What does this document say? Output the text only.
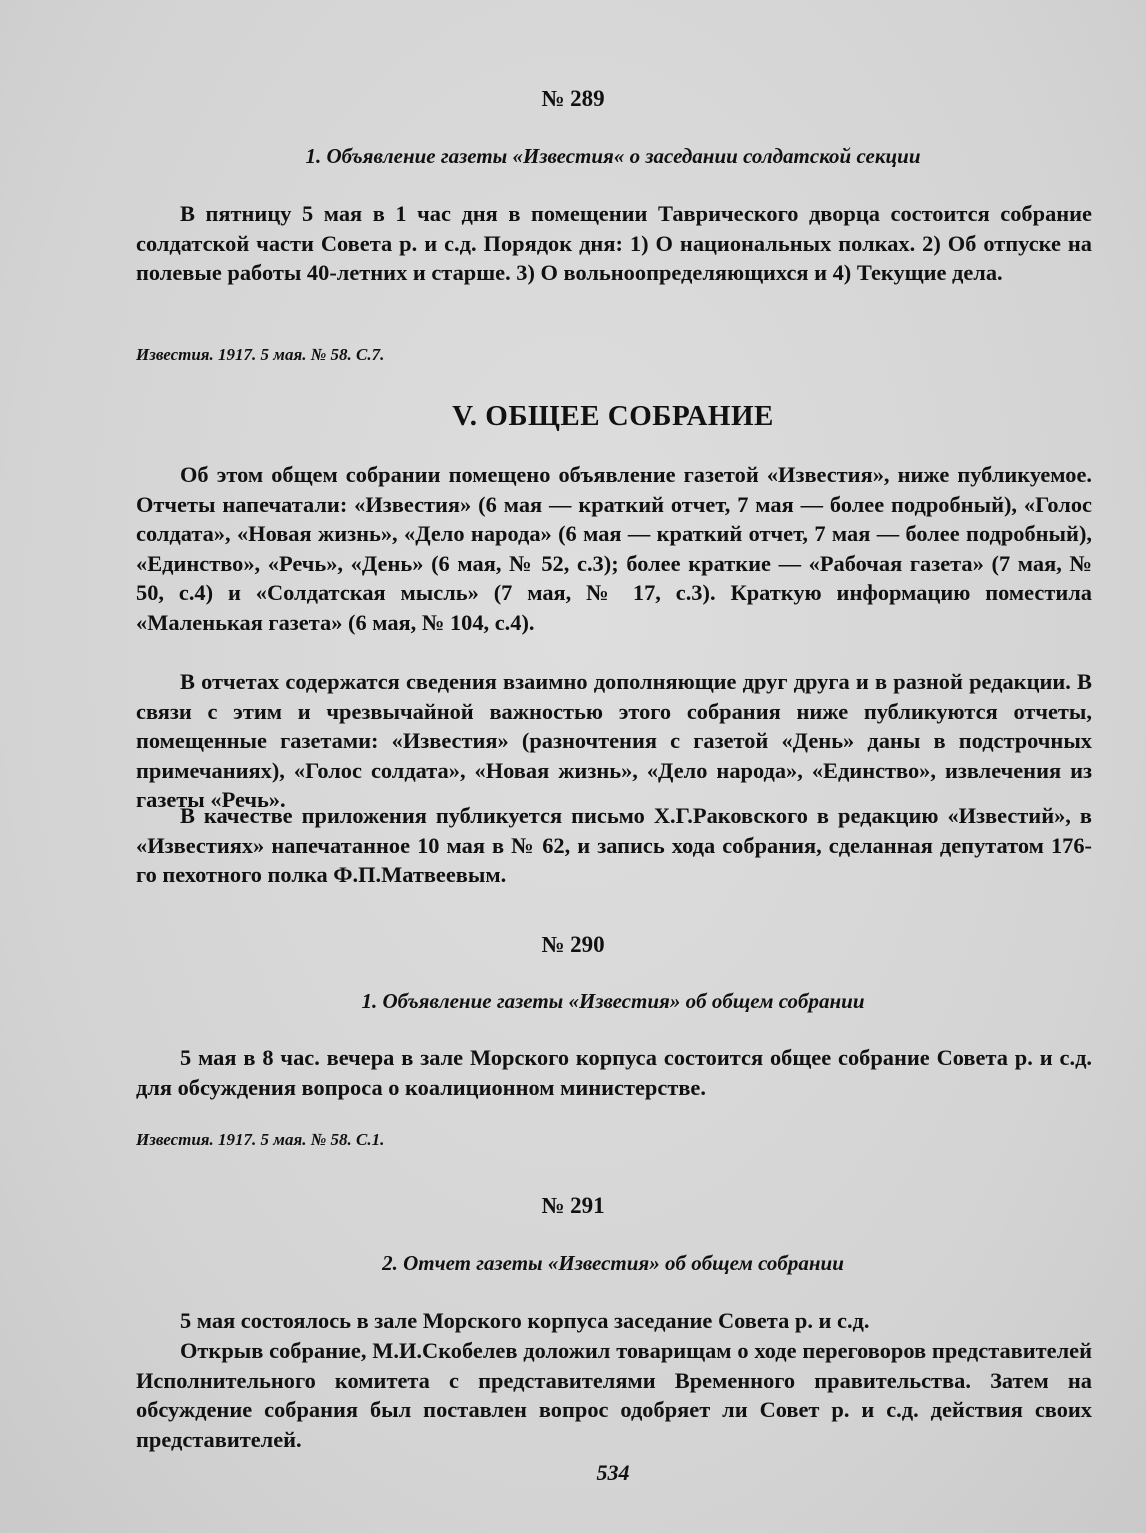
№ 289
1. Объявление газеты «Известия« о заседании солдатской секции

В пятницу 5 мая в 1 час дня в помещении Таврического дворца состоится собрание солдатской части Совета р. и с.д. Порядок дня: 1) О национальных полках. 2) Об отпуске на полевые работы 40-летних и старше. 3) О вольноопределяющихся и 4) Текущие дела.

Известия. 1917. 5 мая. № 58. С.7.
V. ОБЩЕЕ СОБРАНИЕ

Об этом общем собрании помещено объявление газетой «Известия», ниже публикуемое. Отчеты напечатали: «Известия» (6 мая — краткий отчет, 7 мая — более подробный), «Голос солдата», «Новая жизнь», «Дело народа» (6 мая — краткий отчет, 7 мая — более подробный), «Единство», «Речь», «День» (6 мая, № 52, с.3); более краткие — «Рабочая газета» (7 мая, № 50, с.4) и «Солдатская мысль» (7 мая, № 17, с.3). Краткую информацию поместила «Маленькая газета» (6 мая, № 104, с.4).

В отчетах содержатся сведения взаимно дополняющие друг друга и в разной редакции. В связи с этим и чрезвычайной важностью этого собрания ниже публикуются отчеты, помещенные газетами: «Известия» (разночтения с газетой «День» даны в подстрочных примечаниях), «Голос солдата», «Новая жизнь», «Дело народа», «Единство», извлечения из газеты «Речь».

В качестве приложения публикуется письмо Х.Г.Раковского в редакцию «Известий», в «Известиях» напечатанное 10 мая в № 62, и запись хода собрания, сделанная депутатом 176-го пехотного полка Ф.П.Матвеевым.

№ 290
1. Объявление газеты «Известия» об общем собрании

5 мая в 8 час. вечера в зале Морского корпуса состоится общее собрание Совета р. и с.д. для обсуждения вопроса о коалиционном министерстве.

Известия. 1917. 5 мая. № 58. С.1.
№ 291
2. Отчет газеты «Известия» об общем собрании

5 мая состоялось в зале Морского корпуса заседание Совета р. и с.д.

Открыв собрание, М.И.Скобелев доложил товарищам о ходе переговоров представителей Исполнительного комитета с представителями Временного правительства. Затем на обсуждение собрания был поставлен вопрос одобряет ли Совет р. и с.д. действия своих представителей.

534
